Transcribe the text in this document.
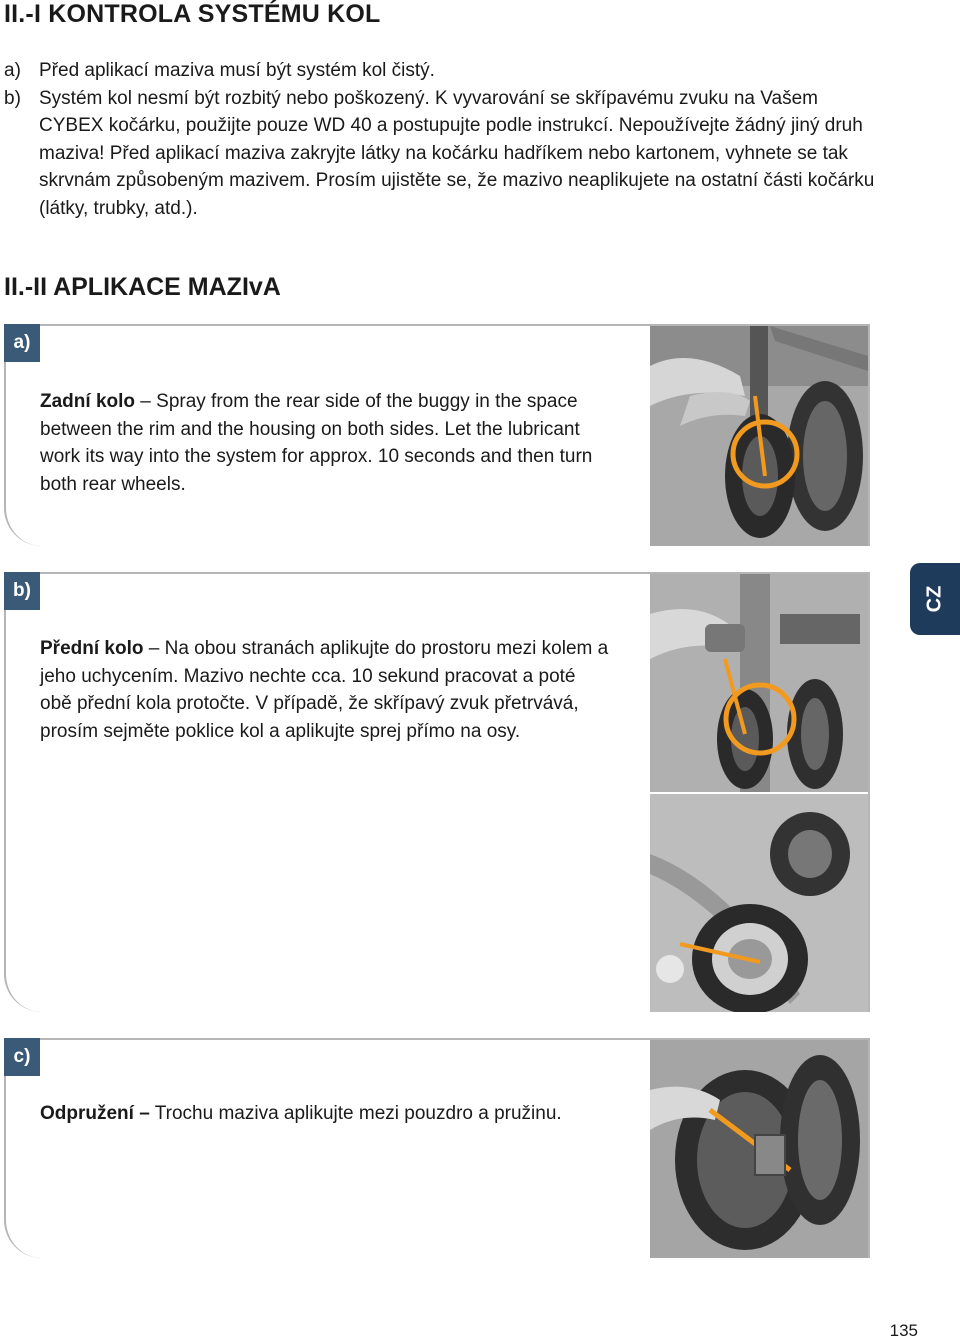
II.-I KONTROLA SYSTÉMU KOL
a) Před aplikací maziva musí být systém kol čistý.
b) Systém kol nesmí být rozbitý nebo poškozený. K vyvarování se skřípavému zvuku na Vašem CYBEX kočárku, použijte pouze WD 40 a postupujte podle instrukcí. Nepoužívejte žádný jiný druh maziva! Před aplikací maziva zakryjte látky na kočárku hadříkem nebo kartonem, vyhnete se tak skrvnám způsobeným mazivem. Prosím ujistěte se, že mazivo neaplikujete na ostatní části kočárku (látky, trubky, atd.).
II.-II APLIKACE MAZIvA
a)
Zadní kolo – Spray from the rear side of the buggy in the space between the rim and the housing on both sides. Let the lubricant work its way into the system for approx. 10 seconds and then turn both rear wheels.
b)
Přední kolo – Na obou stranách aplikujte do prostoru mezi kolem a jeho uchycením. Mazivo nechte cca. 10 sekund pracovat a poté obě přední kola protočte. V případě, že skřípavý zvuk přetrvává, prosím sejměte poklice kol a aplikujte sprej přímo na osy.
c)
Odpružení – Trochu maziva aplikujte mezi pouzdro a pružinu.
CZ
135
